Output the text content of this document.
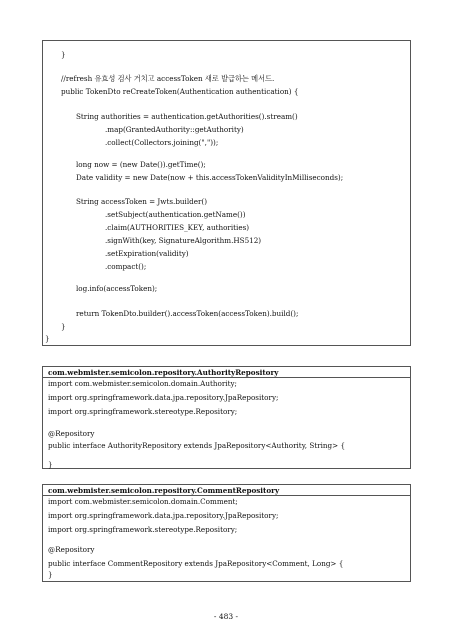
}
//refresh 유효성 검사 거치고 accessToken 새로 발급하는 메서드.
public TokenDto reCreateToken(Authentication authentication) {
String authorities = authentication.getAuthorities().stream()
.map(GrantedAuthority::getAuthority)
.collect(Collectors.joining(","));
long now = (new Date()).getTime();
Date validity = new Date(now + this.accessTokenValidityInMilliseconds);
String accessToken = Jwts.builder()
.setSubject(authentication.getName())
.claim(AUTHORITIES_KEY, authorities)
.signWith(key, SignatureAlgorithm.HS512)
.setExpiration(validity)
.compact();
log.info(accessToken);
return TokenDto.builder().accessToken(accessToken).build();
}
}
com.webmister.semicolon.repository.AuthorityRepository
import com.webmister.semicolon.domain.Authority;
import org.springframework.data.jpa.repository.JpaRepository;
import org.springframework.stereotype.Repository;
@Repository
public interface AuthorityRepository extends JpaRepository<Authority, String> {
}
com.webmister.semicolon.repository.CommentRepository
import com.webmister.semicolon.domain.Comment;
import org.springframework.data.jpa.repository.JpaRepository;
import org.springframework.stereotype.Repository;
@Repository
public interface CommentRepository extends JpaRepository<Comment, Long> {
}
- 483 -
